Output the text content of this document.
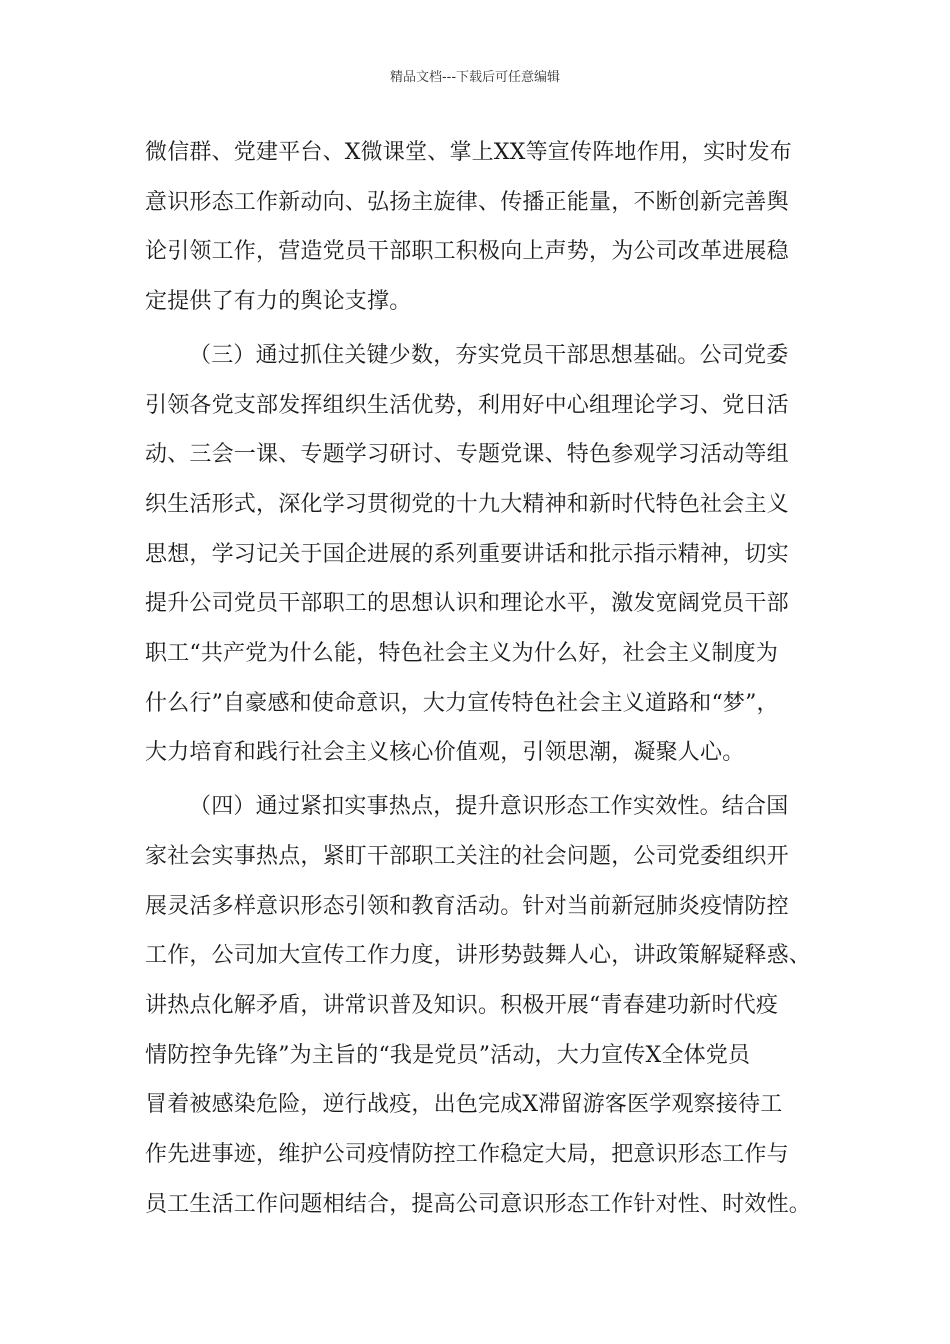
精品文档---下载后可任意编辑
微信群、党建平台、X微课堂、掌上XX等宣传阵地作用，实时发布
意识形态工作新动向、弘扬主旋律、传播正能量，不断创新完善舆
论引领工作，营造党员干部职工积极向上声势，为公司改革进展稳
定提供了有力的舆论支撑。
（三）通过抓住关键少数，夯实党员干部思想基础。公司党委
引领各党支部发挥组织生活优势，利用好中心组理论学习、党日活
动、三会一课、专题学习研讨、专题党课、特色参观学习活动等组
织生活形式，深化学习贯彻党的十九大精神和新时代特色社会主义
思想，学习记关于国企进展的系列重要讲话和批示指示精神，切实
提升公司党员干部职工的思想认识和理论水平，激发宽阔党员干部
职工“共产党为什么能，特色社会主义为什么好，社会主义制度为
什么行”自豪感和使命意识，大力宣传特色社会主义道路和“梦”，
大力培育和践行社会主义核心价值观，引领思潮，凝聚人心。
（四）通过紧扣实事热点，提升意识形态工作实效性。结合国
家社会实事热点，紧盯干部职工关注的社会问题，公司党委组织开
展灵活多样意识形态引领和教育活动。针对当前新冠肺炎疫情防控
工作，公司加大宣传工作力度，讲形势鼓舞人心，讲政策解疑释惑、
讲热点化解矛盾，讲常识普及知识。积极开展“青春建功新时代疫
情防控争先锋”为主旨的“我是党员”活动，大力宣传X全体党员
冒着被感染危险，逆行战疫，出色完成X滞留游客医学观察接待工
作先进事迹，维护公司疫情防控工作稳定大局，把意识形态工作与
员工生活工作问题相结合，提高公司意识形态工作针对性、时效性。
